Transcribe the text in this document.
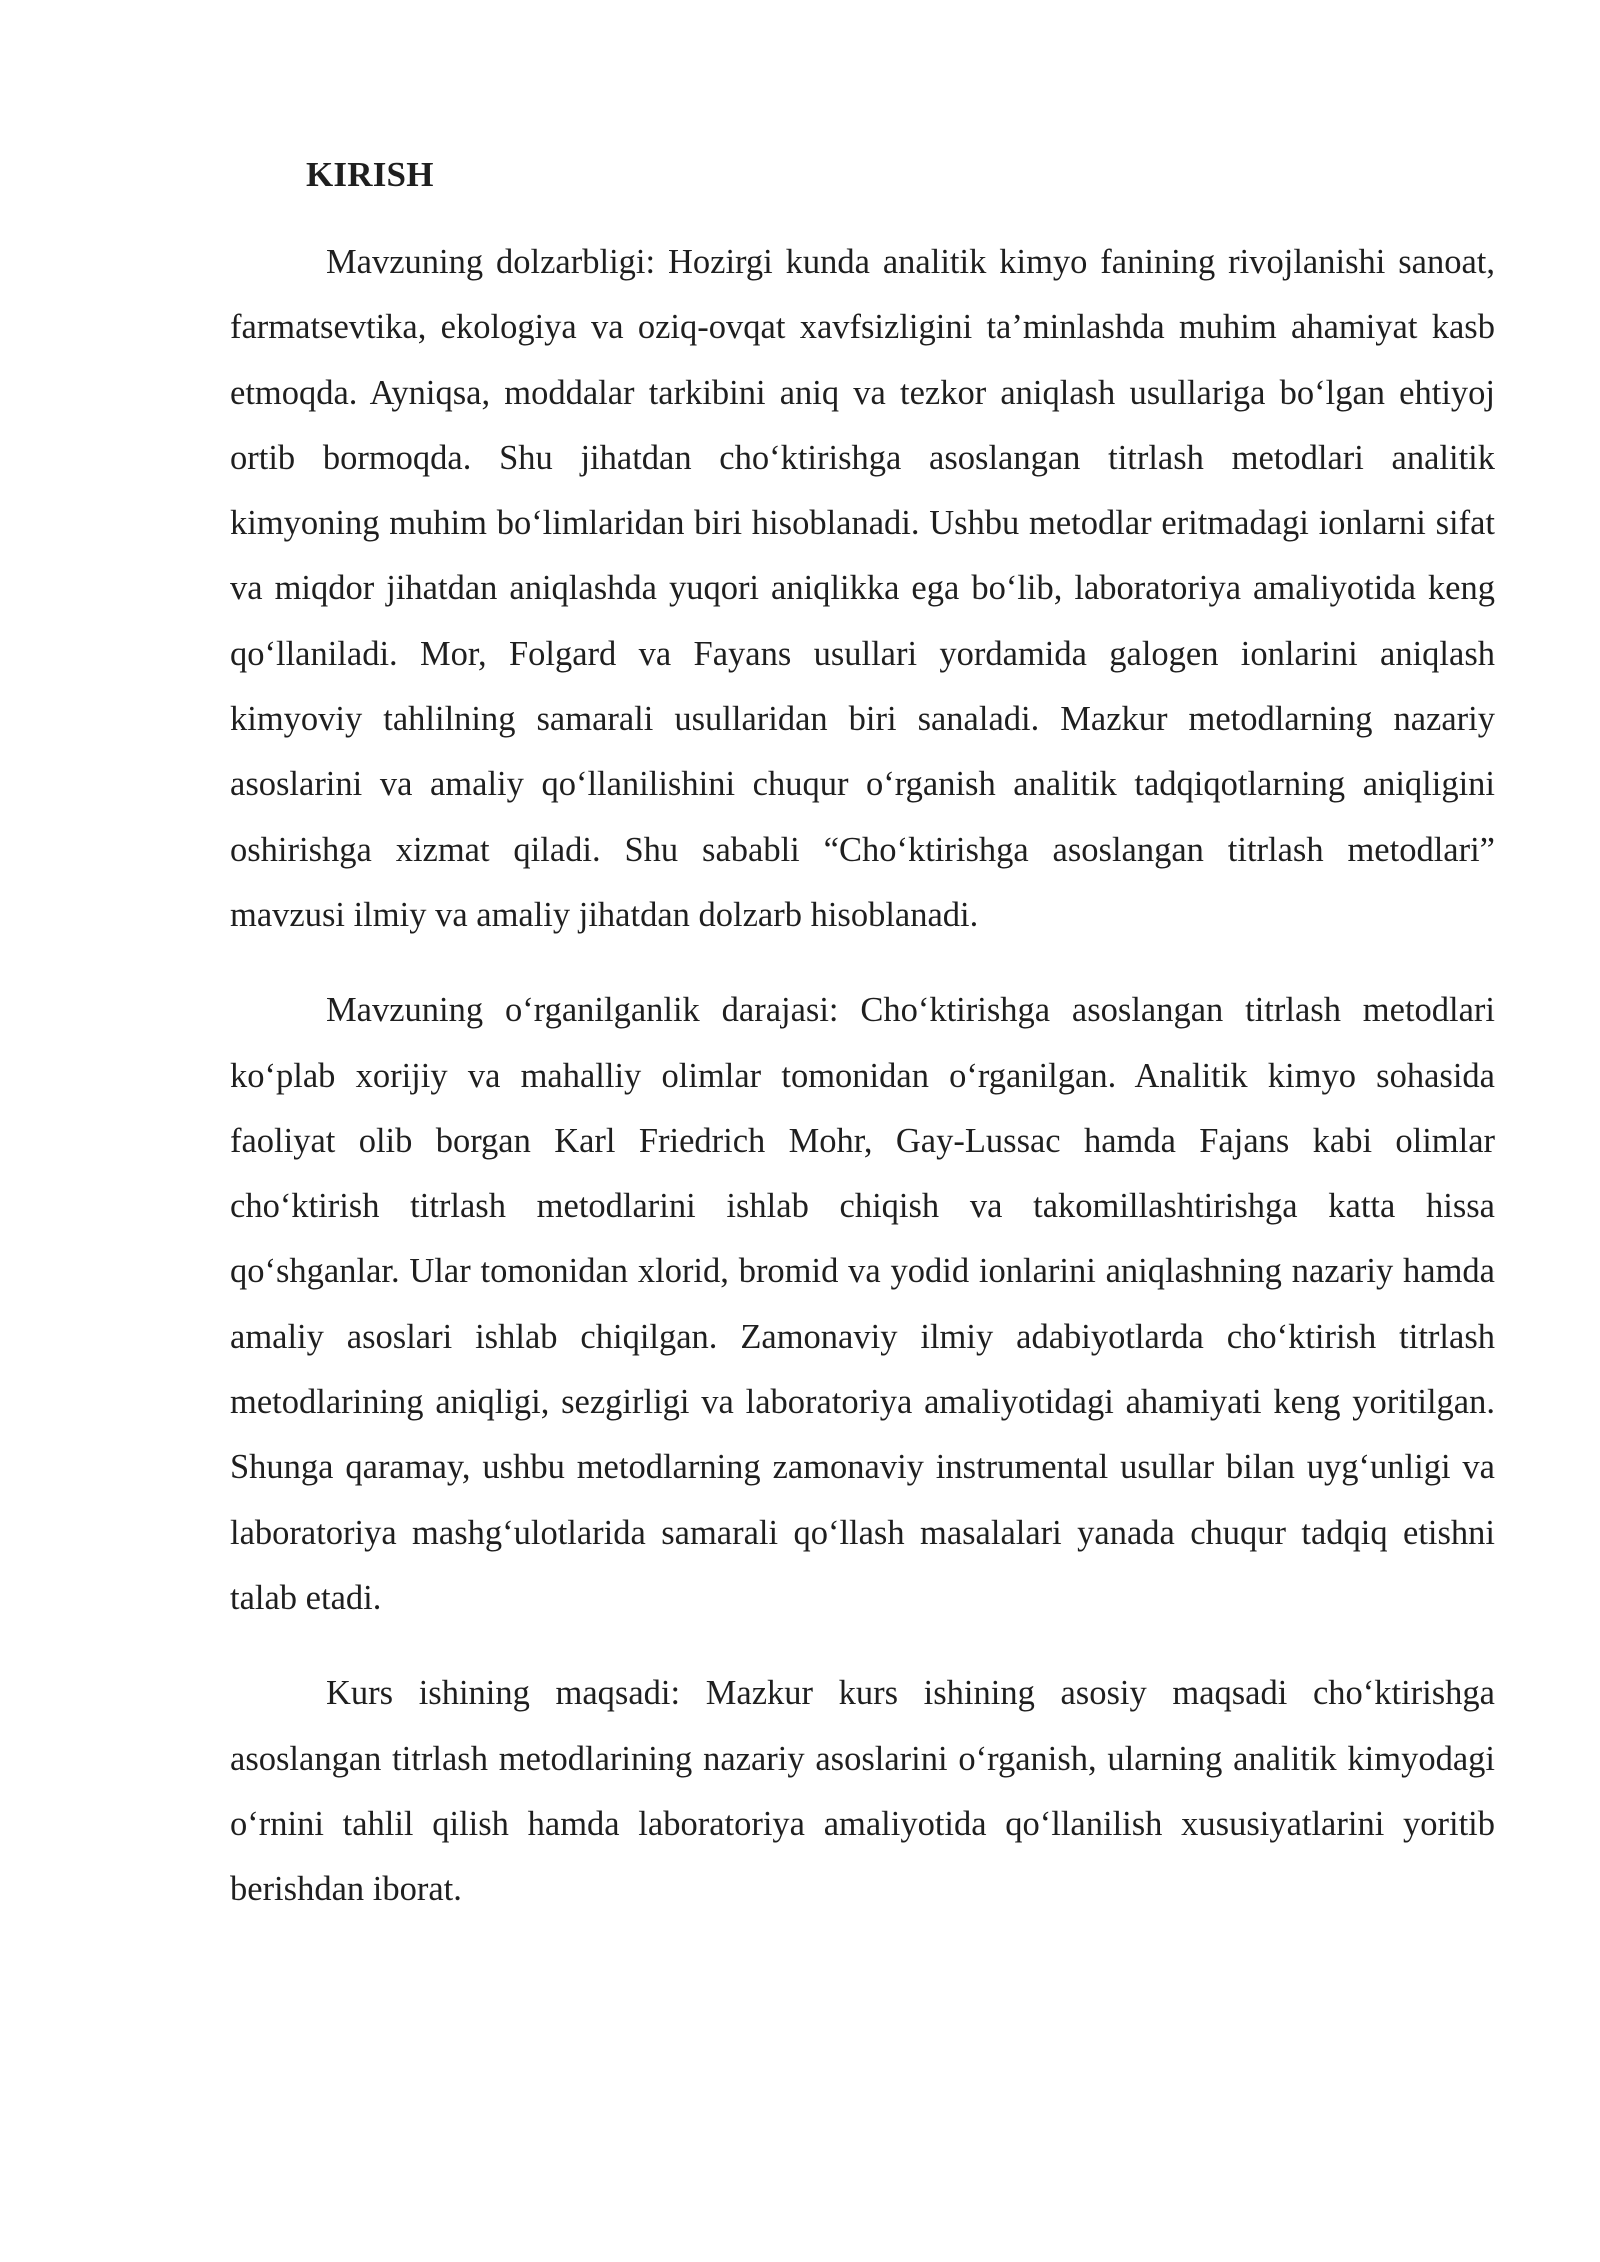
KIRISH

Mavzuning dolzarbligi: Hozirgi kunda analitik kimyo fanining rivojlanishi sanoat, farmatsevtika, ekologiya va oziq-ovqat xavfsizligini ta’minlashda muhim ahamiyat kasb etmoqda. Ayniqsa, moddalar tarkibini aniq va tezkor aniqlash usullariga boʻlgan ehtiyoj ortib bormoqda. Shu jihatdan choʻktirishga asoslangan titrlash metodlari analitik kimyoning muhim boʻlimlaridan biri hisoblanadi. Ushbu metodlar eritmadagi ionlarni sifat va miqdor jihatdan aniqlashda yuqori aniqlikka ega boʻlib, laboratoriya amaliyotida keng qoʻllaniladi. Mor, Folgard va Fayans usullari yordamida galogen ionlarini aniqlash kimyoviy tahlilning samarali usullaridan biri sanaladi. Mazkur metodlarning nazariy asoslarini va amaliy qoʻllanilishini chuqur oʻrganish analitik tadqiqotlarning aniqligini oshirishga xizmat qiladi. Shu sababli “Choʻktirishga asoslangan titrlash metodlari” mavzusi ilmiy va amaliy jihatdan dolzarb hisoblanadi.

Mavzuning oʻrganilganlik darajasi: Choʻktirishga asoslangan titrlash metodlari koʻplab xorijiy va mahalliy olimlar tomonidan oʻrganilgan. Analitik kimyo sohasida faoliyat olib borgan Karl Friedrich Mohr, Gay-Lussac hamda Fajans kabi olimlar choʻktirish titrlash metodlarini ishlab chiqish va takomillashtirishga katta hissa qoʻshganlar. Ular tomonidan xlorid, bromid va yodid ionlarini aniqlashning nazariy hamda amaliy asoslari ishlab chiqilgan. Zamonaviy ilmiy adabiyotlarda choʻktirish titrlash metodlarining aniqligi, sezgirligi va laboratoriya amaliyotidagi ahamiyati keng yoritilgan. Shunga qaramay, ushbu metodlarning zamonaviy instrumental usullar bilan uygʻunligi va laboratoriya mashgʻulotlarida samarali qoʻllash masalalari yanada chuqur tadqiq etishni talab etadi.

Kurs ishining maqsadi: Mazkur kurs ishining asosiy maqsadi choʻktirishga asoslangan titrlash metodlarining nazariy asoslarini oʻrganish, ularning analitik kimyodagi oʻrnini tahlil qilish hamda laboratoriya amaliyotida qoʻllanilish xususiyatlarini yoritib berishdan iborat.
